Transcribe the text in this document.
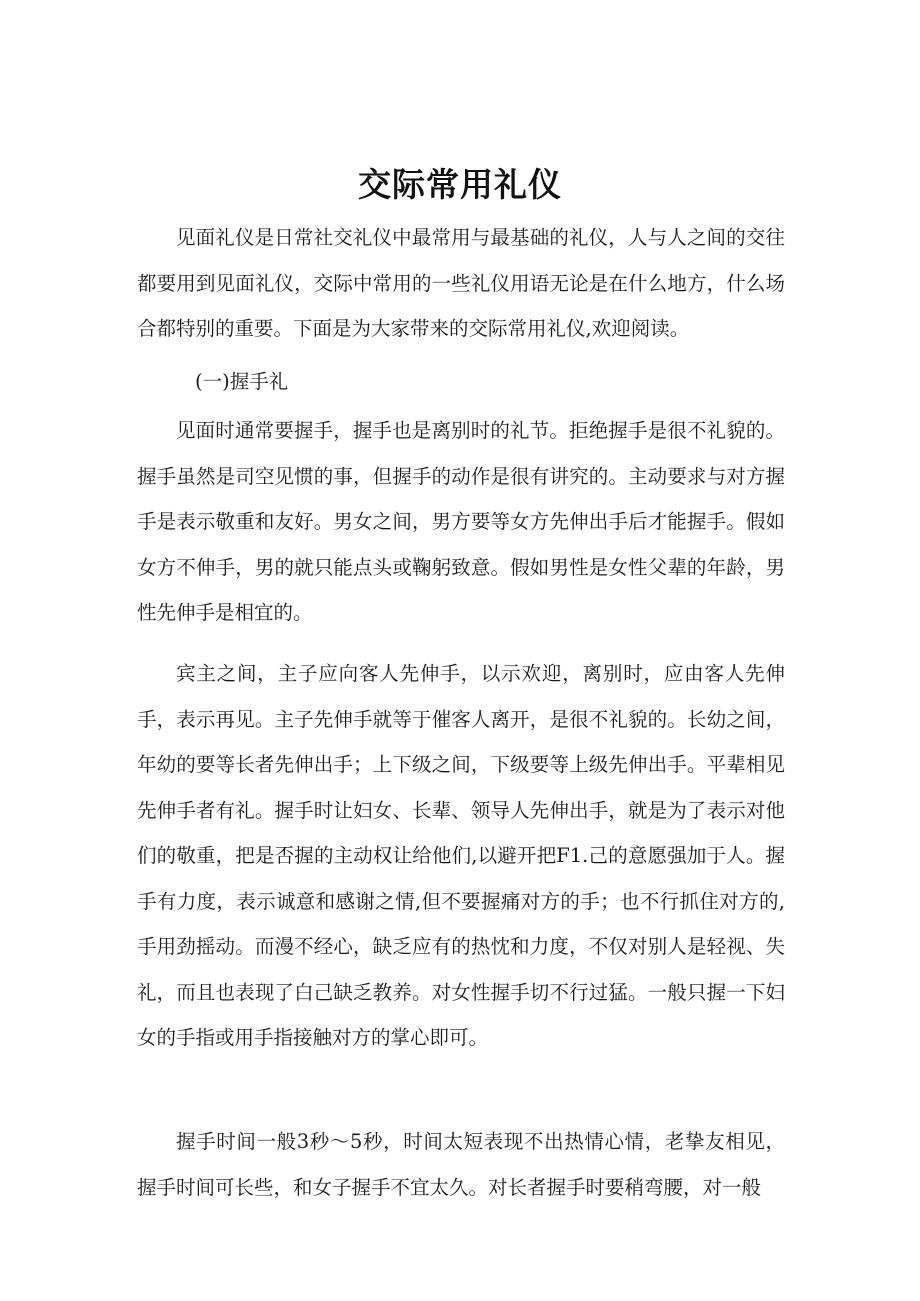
交际常用礼仪

见面礼仪是日常社交礼仪中最常用与最基础的礼仪，人与人之间的交往都要用到见面礼仪，交际中常用的一些礼仪用语无论是在什么地方，什么场合都特别的重要。下面是为大家带来的交际常用礼仪,欢迎阅读。

(一)握手礼

见面时通常要握手，握手也是离别时的礼节。拒绝握手是很不礼貌的。握手虽然是司空见惯的事，但握手的动作是很有讲究的。主动要求与对方握手是表示敬重和友好。男女之间，男方要等女方先伸出手后才能握手。假如女方不伸手，男的就只能点头或鞠躬致意。假如男性是女性父辈的年龄，男性先伸手是相宜的。

宾主之间，主子应向客人先伸手，以示欢迎，离别时，应由客人先伸手，表示再见。主子先伸手就等于催客人离开，是很不礼貌的。长幼之间，年幼的要等长者先伸出手；上下级之间，下级要等上级先伸出手。平辈相见先伸手者有礼。握手时让妇女、长辈、领导人先伸出手，就是为了表示对他们的敬重，把是否握的主动权让给他们,以避开把F1.己的意愿强加于人。握手有力度，表示诚意和感谢之情,但不要握痛对方的手；也不行抓住对方的,手用劲摇动。而漫不经心，缺乏应有的热忱和力度，不仅对别人是轻视、失礼，而且也表现了白己缺乏教养。对女性握手切不行过猛。一般只握一下妇女的手指或用手指接触对方的掌心即可。

握手时间一般3秒～5秒，时间太短表现不出热情心情，老挚友相见，握手时间可长些，和女子握手不宜太久。对长者握手时要稍弯腰，对一般
